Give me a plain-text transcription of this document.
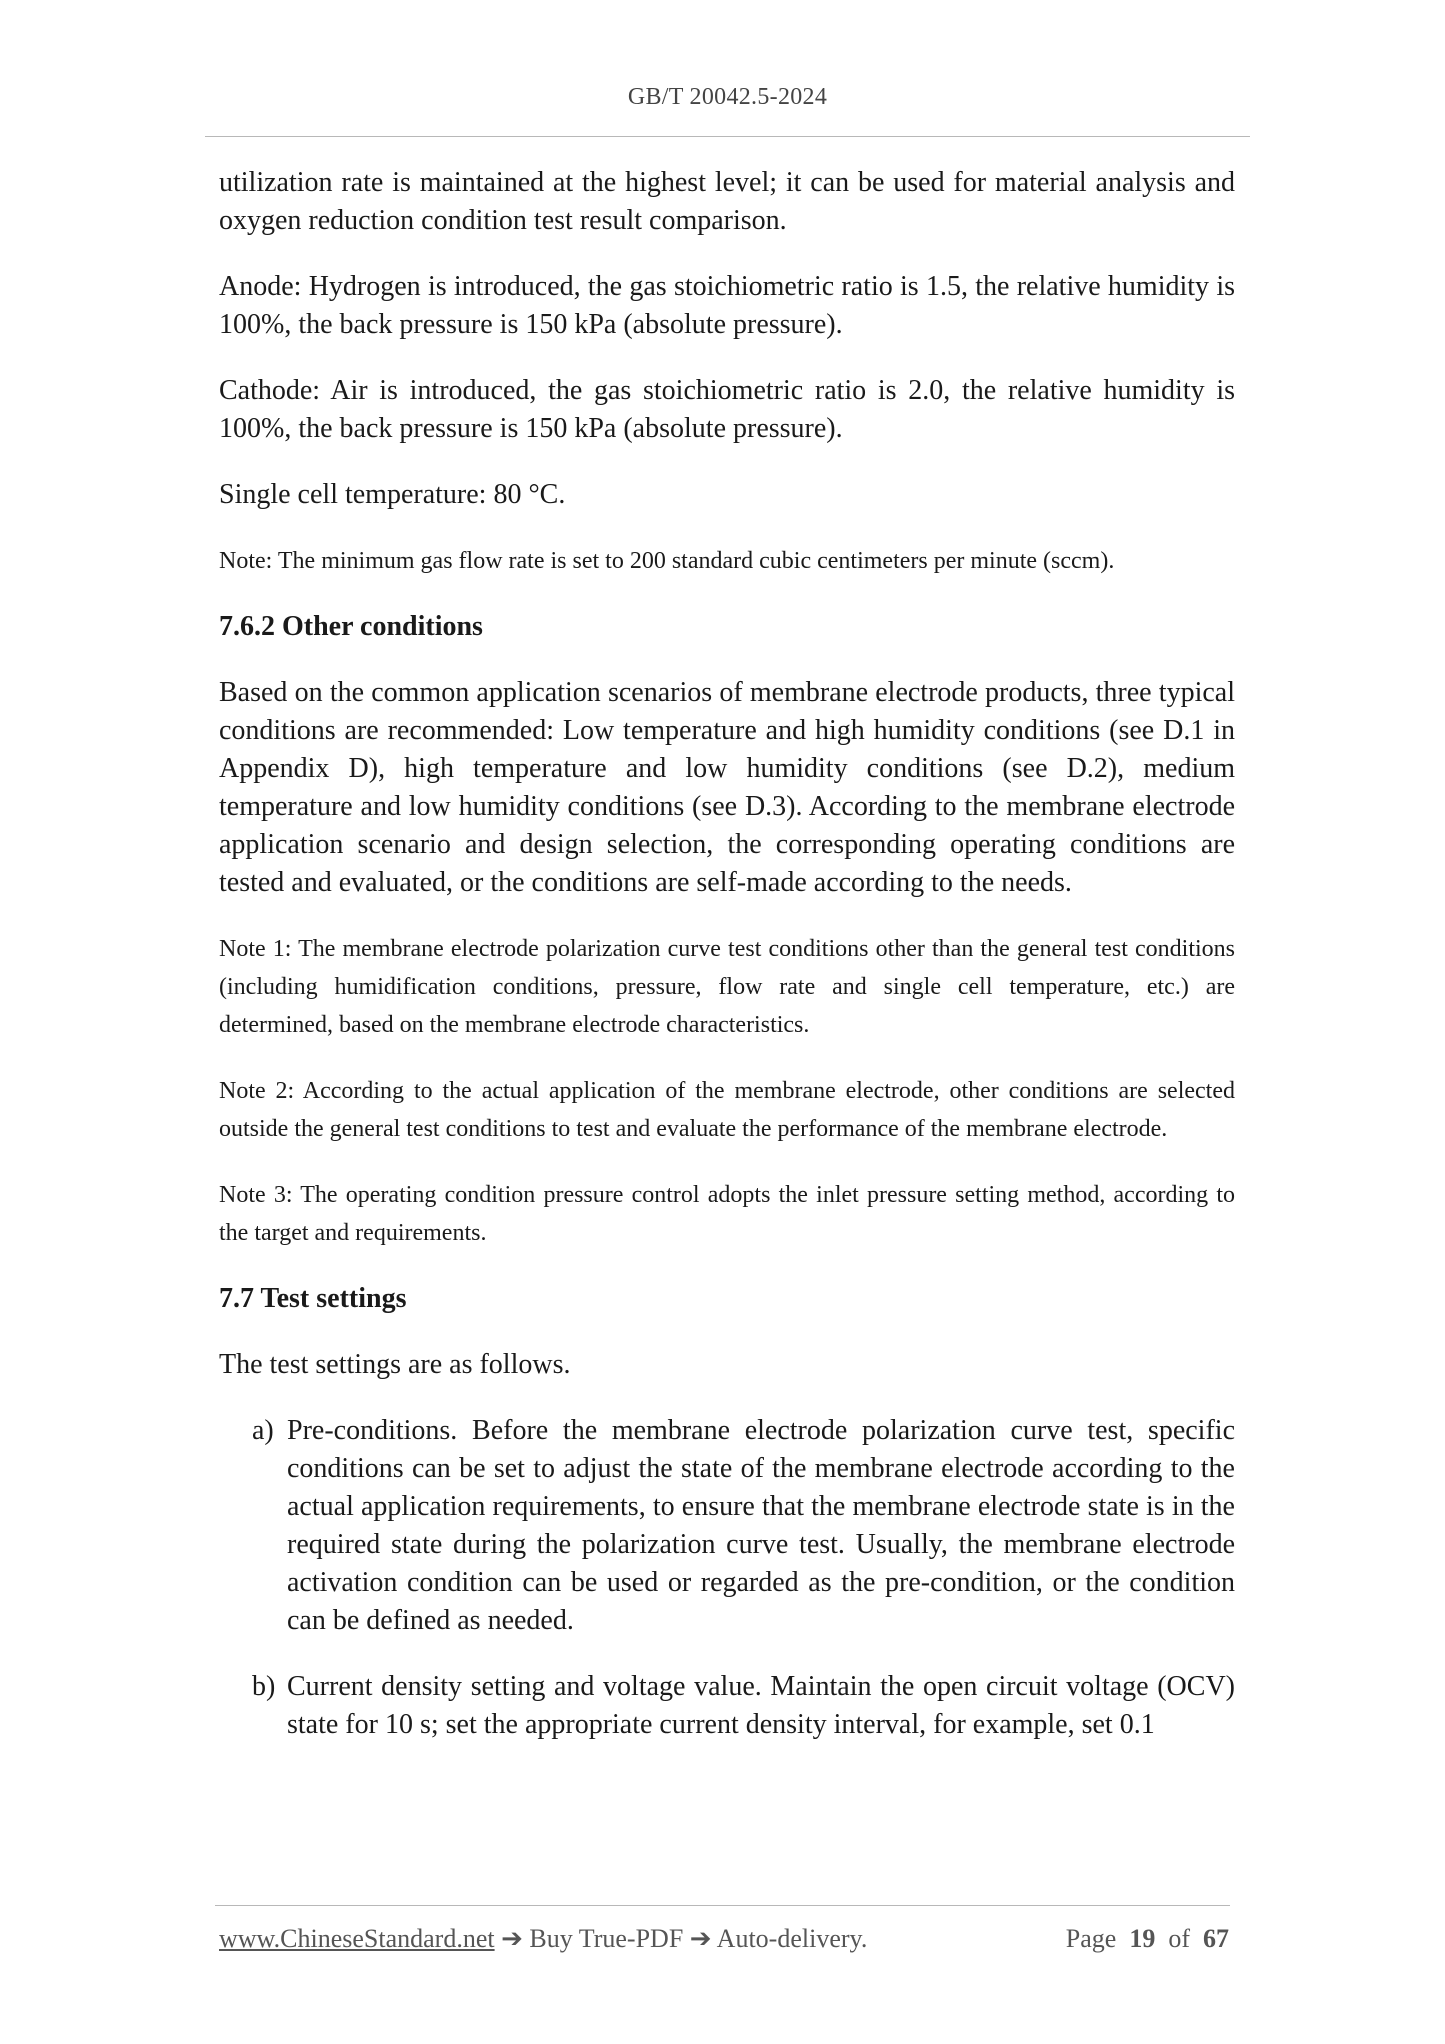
GB/T 20042.5-2024

utilization rate is maintained at the highest level; it can be used for material analysis and oxygen reduction condition test result comparison.

Anode: Hydrogen is introduced, the gas stoichiometric ratio is 1.5, the relative humidity is 100%, the back pressure is 150 kPa (absolute pressure).

Cathode: Air is introduced, the gas stoichiometric ratio is 2.0, the relative humidity is 100%, the back pressure is 150 kPa (absolute pressure).

Single cell temperature: 80 °C.

Note: The minimum gas flow rate is set to 200 standard cubic centimeters per minute (sccm).

7.6.2 Other conditions

Based on the common application scenarios of membrane electrode products, three typical conditions are recommended: Low temperature and high humidity conditions (see D.1 in Appendix D), high temperature and low humidity conditions (see D.2), medium temperature and low humidity conditions (see D.3). According to the membrane electrode application scenario and design selection, the corresponding operating conditions are tested and evaluated, or the conditions are self-made according to the needs.

Note 1: The membrane electrode polarization curve test conditions other than the general test conditions (including humidification conditions, pressure, flow rate and single cell temperature, etc.) are determined, based on the membrane electrode characteristics.

Note 2: According to the actual application of the membrane electrode, other conditions are selected outside the general test conditions to test and evaluate the performance of the membrane electrode.

Note 3: The operating condition pressure control adopts the inlet pressure setting method, according to the target and requirements.

7.7 Test settings

The test settings are as follows.

a) Pre-conditions. Before the membrane electrode polarization curve test, specific conditions can be set to adjust the state of the membrane electrode according to the actual application requirements, to ensure that the membrane electrode state is in the required state during the polarization curve test. Usually, the membrane electrode activation condition can be used or regarded as the pre-condition, or the condition can be defined as needed.
b) Current density setting and voltage value. Maintain the open circuit voltage (OCV) state for 10 s; set the appropriate current density interval, for example, set 0.1
www.ChineseStandard.net ➔ Buy True-PDF ➔ Auto-delivery.	Page 19 of 67
